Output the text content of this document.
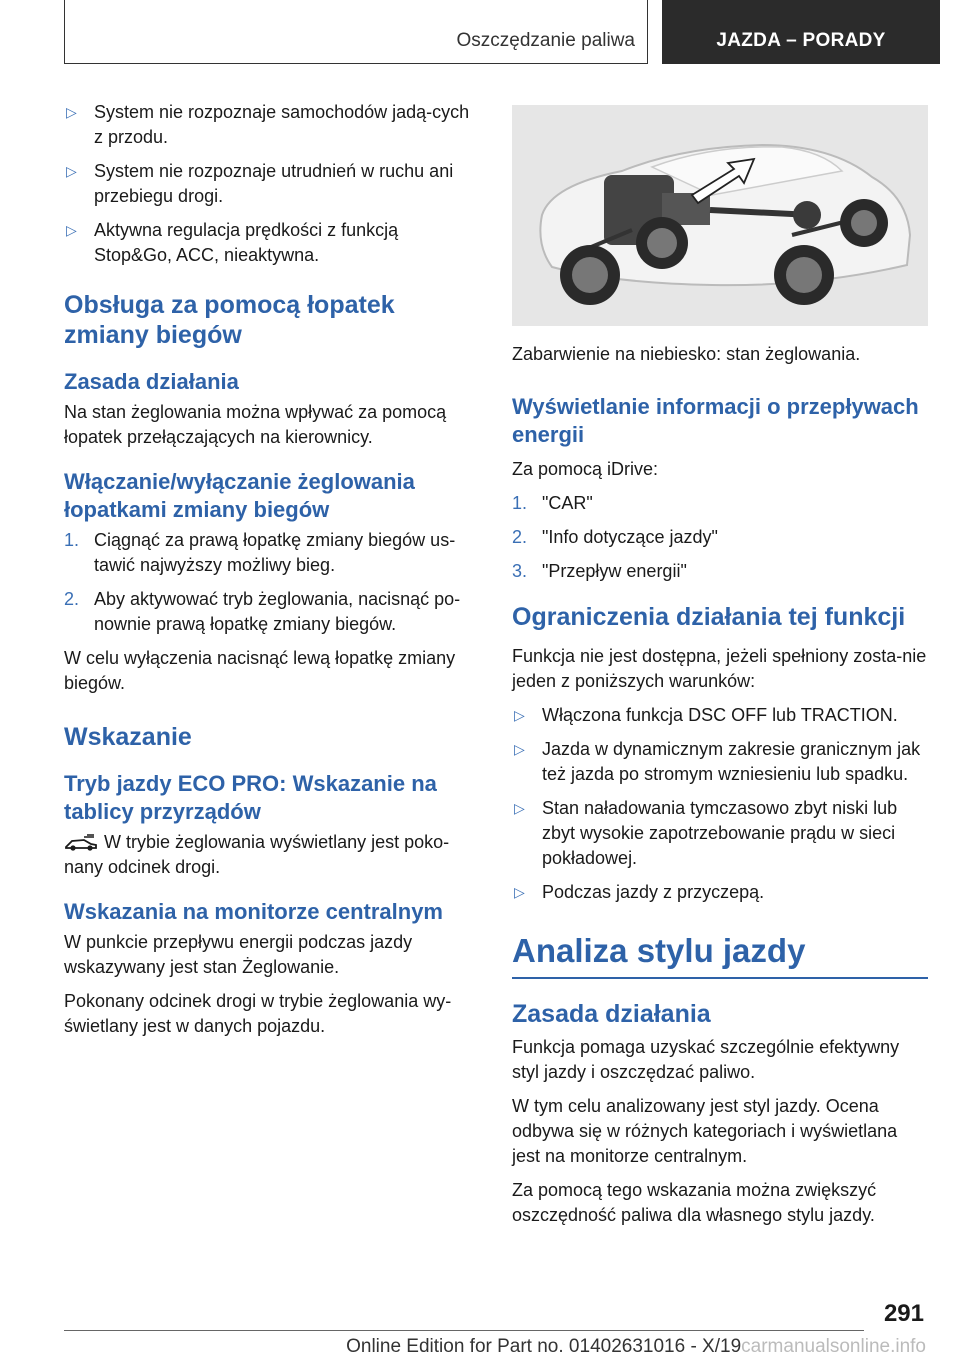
Oszczędzanie paliwa	JAZDA – PORADY
▷ System nie rozpoznaje samochodów jadą-cych z przodu.
▷ System nie rozpoznaje utrudnień w ruchu ani przebiegu drogi.
▷ Aktywna regulacja prędkości z funkcją Stop&Go, ACC, nieaktywna.
Obsługa za pomocą łopatek zmiany biegów
Zasada działania

Na stan żeglowania można wpływać za pomocą łopatek przełączających na kierownicy.

Włączanie/wyłączanie żeglowania łopatkami zmiany biegów
1. Ciągnąć za prawą łopatkę zmiany biegów us-tawić najwyższy możliwy bieg.
2. Aby aktywować tryb żeglowania, nacisnąć po-nownie prawą łopatkę zmiany biegów.

W celu wyłączenia nacisnąć lewą łopatkę zmiany biegów.

Wskazanie
Tryb jazdy ECO PRO: Wskazanie na tablicy przyrządów

W trybie żeglowania wyświetlany jest poko-nany odcinek drogi.

Wskazania na monitorze centralnym

W punkcie przepływu energii podczas jazdy wskazywany jest stan Żeglowanie.

Pokonany odcinek drogi w trybie żeglowania wy-świetlany jest w danych pojazdu.

Zabarwienie na niebiesko: stan żeglowania.

Wyświetlanie informacji o przepływach energii

Za pomocą iDrive:

1. "CAR"
2. "Info dotyczące jazdy"
3. "Przepływ energii"
Ograniczenia działania tej funkcji

Funkcja nie jest dostępna, jeżeli spełniony zosta-nie jeden z poniższych warunków:

▷ Włączona funkcja DSC OFF lub TRACTION.
▷ Jazda w dynamicznym zakresie granicznym jak też jazda po stromym wzniesieniu lub spadku.
▷ Stan naładowania tymczasowo zbyt niski lub zbyt wysokie zapotrzebowanie prądu w sieci pokładowej.
▷ Podczas jazdy z przyczepą.
Analiza stylu jazdy
Zasada działania

Funkcja pomaga uzyskać szczególnie efektywny styl jazdy i oszczędzać paliwo.

W tym celu analizowany jest styl jazdy. Ocena odbywa się w różnych kategoriach i wyświetlana jest na monitorze centralnym.

Za pomocą tego wskazania można zwiększyć oszczędność paliwa dla własnego stylu jazdy.

291
Online Edition for Part no. 01402631016 - X/19carmanualsonline.info
